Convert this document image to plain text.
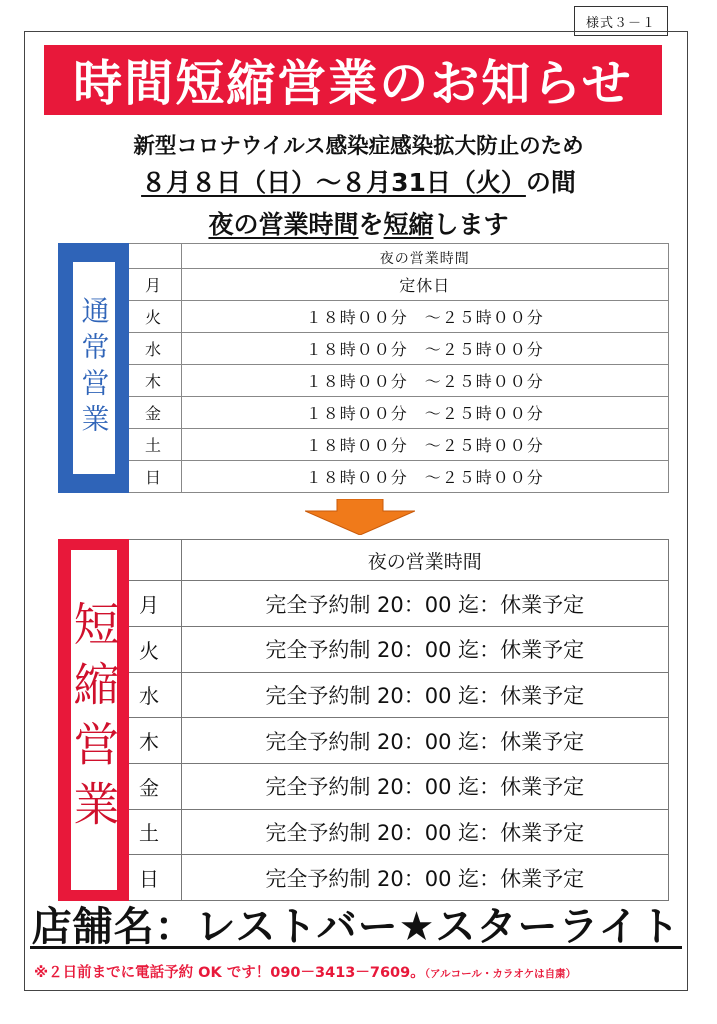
様式３－１
時間短縮営業のお知らせ
新型コロナウイルス感染症感染拡大防止のため
８月８日（日）～８月31日（火）の間
夜の営業時間を短縮します
通常営業
	夜の営業時間
月	定休日
火	１８時００分　～２５時００分
水	１８時００分　～２５時００分
木	１８時００分　～２５時００分
金	１８時００分　～２５時００分
土	１８時００分　～２５時００分
日	１８時００分　～２５時００分
短縮営業
	夜の営業時間
月	完全予約制 20：00 迄：休業予定
火	完全予約制 20：00 迄：休業予定
水	完全予約制 20：00 迄：休業予定
木	完全予約制 20：00 迄：休業予定
金	完全予約制 20：00 迄：休業予定
土	完全予約制 20：00 迄：休業予定
日	完全予約制 20：00 迄：休業予定
店舗名： レストバー★スターライト
※２日前までに電話予約 OK です！090－3413－7609。（アルコール・カラオケは自粛）
